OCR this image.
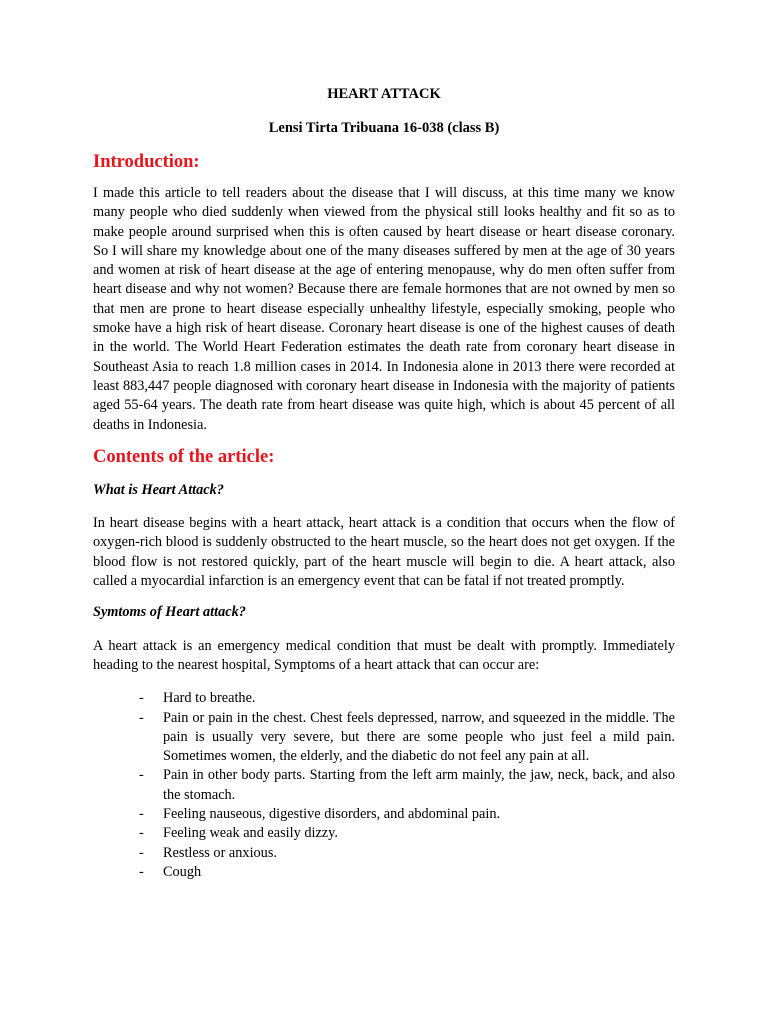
HEART ATTACK

Lensi Tirta Tribuana 16-038 (class B)

Introduction:

I made this article to tell readers about the disease that I will discuss, at this time many we know many people who died suddenly when viewed from the physical still looks healthy and fit so as to make people around surprised when this is often caused by heart disease or heart disease coronary. So I will share my knowledge about one of the many diseases suffered by men at the age of 30 years and women at risk of heart disease at the age of entering menopause, why do men often suffer from heart disease and why not women? Because there are female hormones that are not owned by men so that men are prone to heart disease especially unhealthy lifestyle, especially smoking, people who smoke have a high risk of heart disease. Coronary heart disease is one of the highest causes of death in the world. The World Heart Federation estimates the death rate from coronary heart disease in Southeast Asia to reach 1.8 million cases in 2014. In Indonesia alone in 2013 there were recorded at least 883,447 people diagnosed with coronary heart disease in Indonesia with the majority of patients aged 55-64 years. The death rate from heart disease was quite high, which is about 45 percent of all deaths in Indonesia.

Contents of the article:

What is Heart Attack?

In heart disease begins with a heart attack, heart attack is a condition that occurs when the flow of oxygen-rich blood is suddenly obstructed to the heart muscle, so the heart does not get oxygen. If the blood flow is not restored quickly, part of the heart muscle will begin to die. A heart attack, also called a myocardial infarction is an emergency event that can be fatal if not treated promptly.

Symtoms of Heart attack?

A heart attack is an emergency medical condition that must be dealt with promptly. Immediately heading to the nearest hospital, Symptoms of a heart attack that can occur are:

- Hard to breathe.
- Pain or pain in the chest. Chest feels depressed, narrow, and squeezed in the middle. The pain is usually very severe, but there are some people who just feel a mild pain. Sometimes women, the elderly, and the diabetic do not feel any pain at all.
- Pain in other body parts. Starting from the left arm mainly, the jaw, neck, back, and also the stomach.
- Feeling nauseous, digestive disorders, and abdominal pain.
- Feeling weak and easily dizzy.
- Restless or anxious.
- Cough
